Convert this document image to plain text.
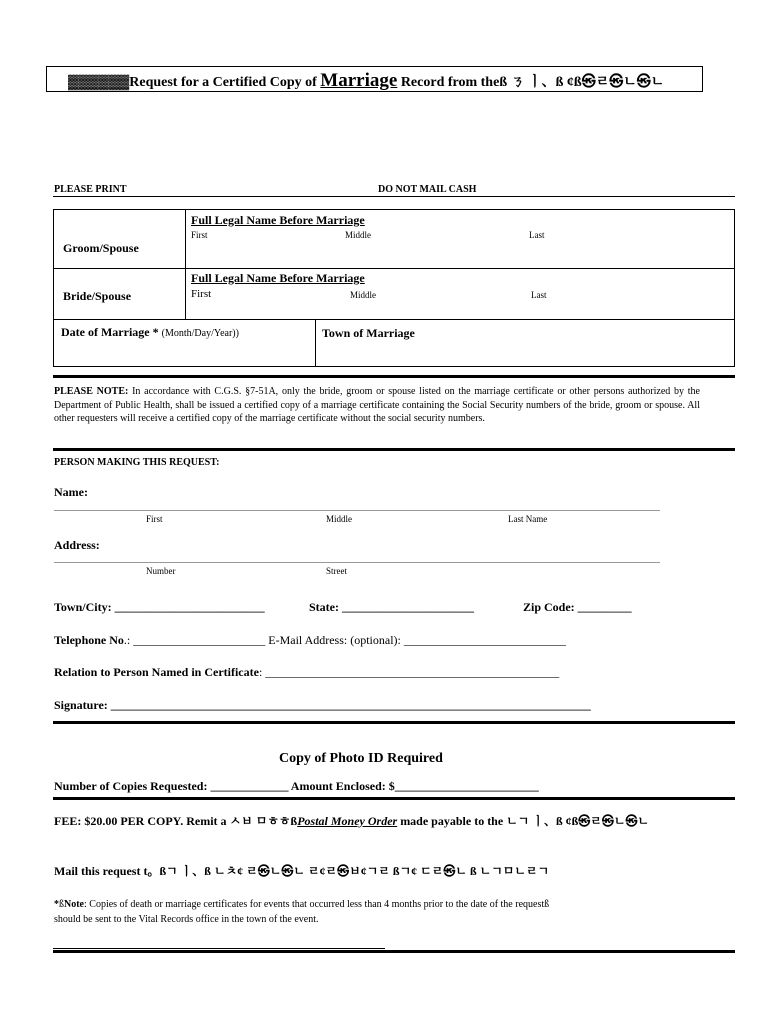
▓▓▓▓▓▓Request for a Certified Copy of Marriage Record from theß ㄋ ㅣ、ß ¢ß㉿ㄹ㉿ㄴ㉿ㄴ
PLEASE PRINT	DO NOT MAIL CASH
Groom/Spouse
Full Legal Name Before Marriage
First	Middle	Last
Bride/Spouse
Full Legal Name Before Marriage
First	Middle	Last
Date of Marriage * (Month/Day/Year))	Town of Marriage
PLEASE NOTE: In accordance with C.G.S. §7-51A, only the bride, groom or spouse listed on the marriage certificate or other persons authorized by the Department of Public Health, shall be issued a certified copy of a marriage certificate containing the Social Security numbers of the bride, groom or spouse. All other requesters will receive a certified copy of the marriage certificate without the social security numbers.
PERSON MAKING THIS REQUEST:
Name:
First	Middle	Last Name
Address:
Number	Street
Town/City: _________________________	State: ______________________	Zip Code: _________
Telephone No.: ______________________ E-Mail Address: (optional): ___________________________
Relation to Person Named in Certificate: _________________________________________________
Signature: ________________________________________________________________________________
Copy of Photo ID Required
Number of Copies Requested: _____________ Amount Enclosed: $________________________
FEE: $20.00 PER COPY. Remit a ㅅㅂ ㅁㅎㅎßPostal Money Order made payable to the ㄴㄱ ㅣ、ß ¢ß㉿ㄹ㉿ㄴ㉿ㄴ
Mail this request t。ßㄱ ㅣ、ß ㄴㅊ¢ ㄹ㉿ㄴ㉿ㄴ ㄹ¢ㄹ㉿ㅂ¢ㄱㄹ ßㄱ¢ ㄷㄹ㉿ㄴ ß ㄴㄱㅁㄴㄹㄱ
*ßNote: Copies of death or marriage certificates for events that occurred less than 4 months prior to the date of the requestß
should be sent to the Vital Records office in the town of the event.
